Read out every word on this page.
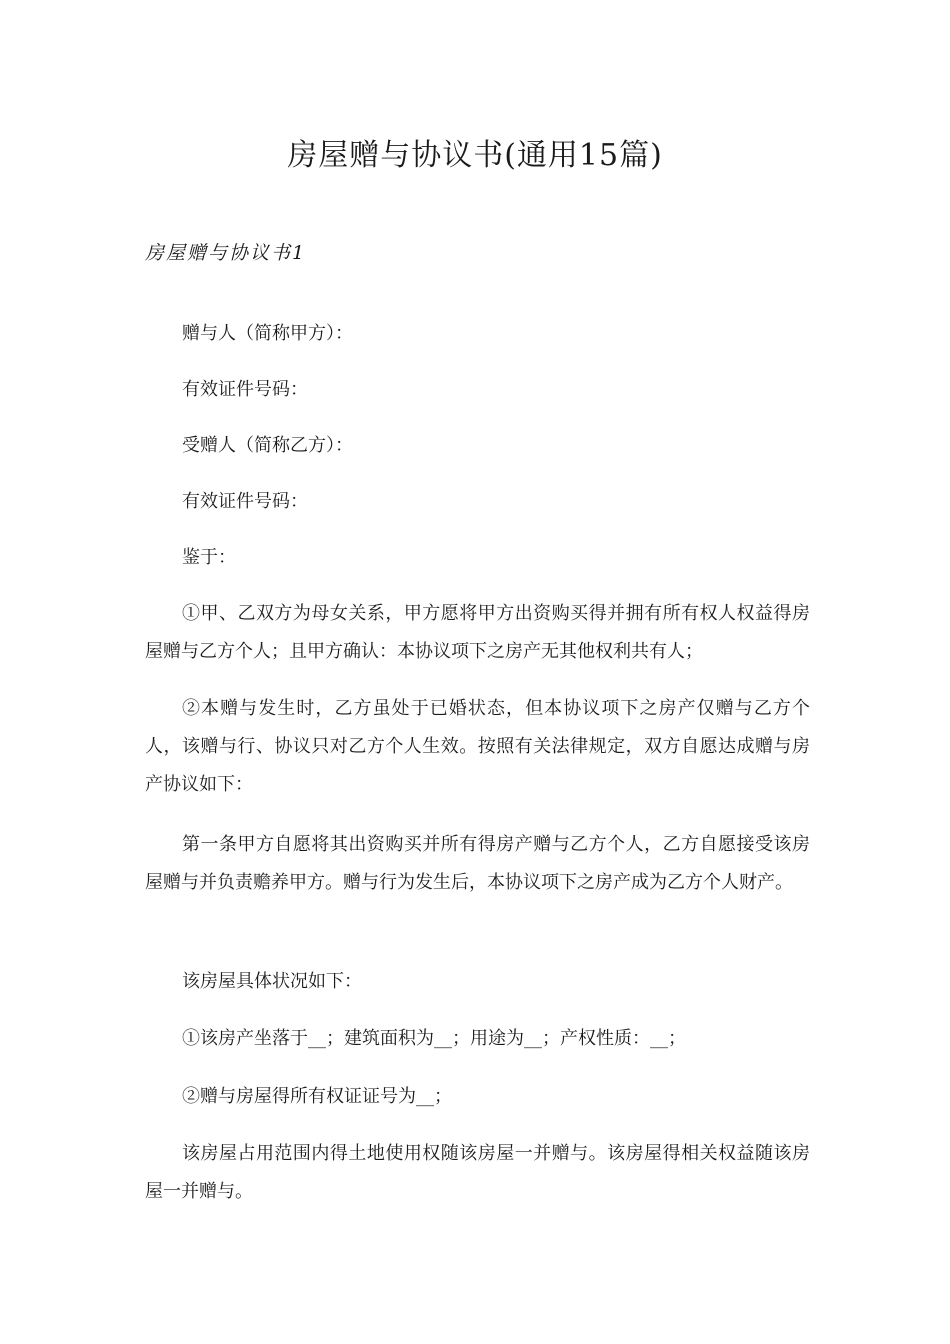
房屋赠与协议书(通用15篇)
房屋赠与协议书1

赠与人（简称甲方）：

有效证件号码：

受赠人（简称乙方）：

有效证件号码：

鉴于：

①甲、乙双方为母女关系，甲方愿将甲方出资购买得并拥有所有权人权益得房屋赠与乙方个人；且甲方确认：本协议项下之房产无其他权利共有人；

②本赠与发生时，乙方虽处于已婚状态，但本协议项下之房产仅赠与乙方个人，该赠与行、协议只对乙方个人生效。按照有关法律规定，双方自愿达成赠与房产协议如下：

第一条甲方自愿将其出资购买并所有得房产赠与乙方个人，乙方自愿接受该房屋赠与并负责赡养甲方。赠与行为发生后，本协议项下之房产成为乙方个人财产。

该房屋具体状况如下：

①该房产坐落于__；建筑面积为__；用途为__；产权性质：__；

②赠与房屋得所有权证证号为__；

该房屋占用范围内得土地使用权随该房屋一并赠与。该房屋得相关权益随该房屋一并赠与。
